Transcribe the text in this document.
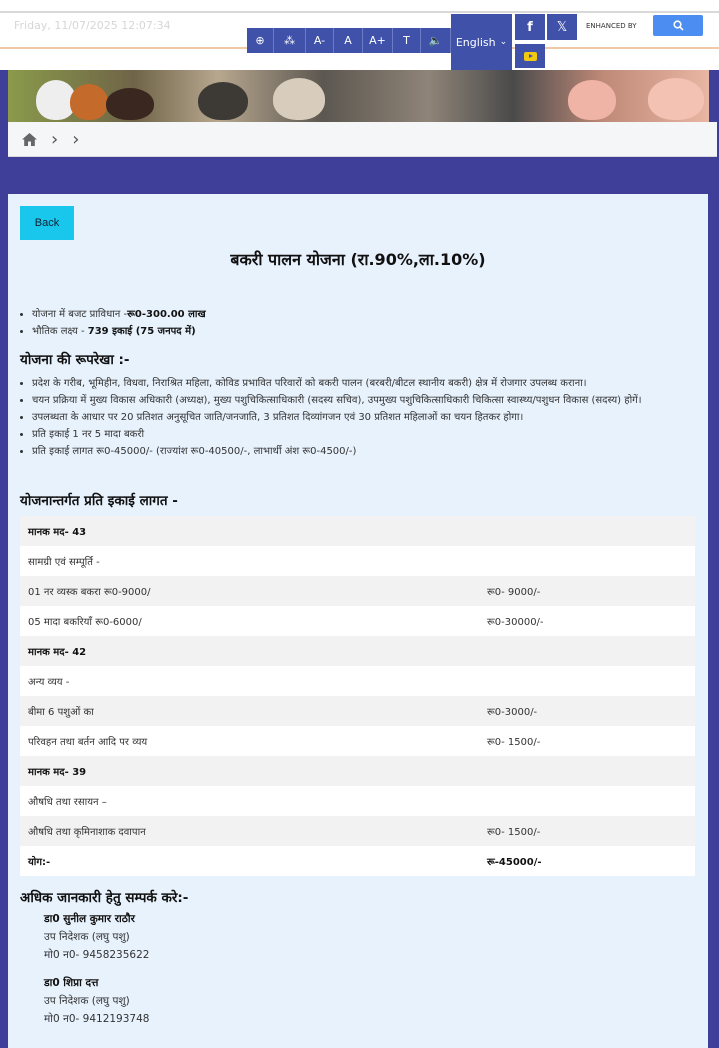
Friday, 11/07/2025 12:07:34
⊕	⁂	A-	A	A+	T	🔈	English ⌄
f	𝕏	ENHANCED BY
› ›
Back
बकरी पालन योजना (रा.90%,ला.10%)
• योजना में बजट प्राविधान -रू0-300.00 लाख
• भौतिक लक्ष्य - 739 इकाई (75 जनपद में)
योजना की रूपरेखा :-
• प्रदेश के गरीब, भूमिहीन, विधवा, निराश्रित महिला, कोविड प्रभावित परिवारों को बकरी पालन (बरबरी/बीटल स्थानीय बकरी) क्षेत्र में रोजगार उपलब्ध कराना।
• चयन प्रक्रिया में मुख्य विकास अधिकारी (अध्यक्ष), मुख्य पशुचिकित्साधिकारी (सदस्य सचिव), उपमुख्य पशुचिकित्साधिकारी चिकित्सा स्वास्थ्य/पशुधन विकास (सदस्य) होगें।
• उपलब्धता के आधार पर 20 प्रतिशत अनुसूचित जाति/जनजाति, 3 प्रतिशत दिव्यांगजन एवं 30 प्रतिशत महिलाओं का चयन हितकर होगा।
• प्रति इकाई 1 नर 5 मादा बकरी
• प्रति इकाई लागत रू0-45000/- (राज्यांश रू0-40500/-, लाभार्थी अंश रू0-4500/-)
योजनान्तर्गत प्रति इकाई लागत -
मानक मद- 43	
सामग्री एवं सम्पूर्ति -	
01 नर व्यस्क बकरा रू0-9000/	रू0- 9000/-
05 मादा बकरियॉं रू0-6000/	रू0-30000/-
मानक मद- 42	
अन्य व्यय -	
बीमा 6 पशुओं का	रू0-3000/-
परिवहन तथा बर्तन आदि पर व्यय	रू0- 1500/-
मानक मद- 39	
औषधि तथा रसायन –	
औषधि तथा कृमिनाशाक दवापान	रू0- 1500/-
योग:-	रू-45000/-
अधिक जानकारी हेतु सम्पर्क करे:-
डा0 सुनील कुमार राठौर
उप निदेशक (लघु पशु)
मो0 न0- 9458235622
डा0 शिप्रा दत्त
उप निदेशक (लघु पशु)
मो0 न0- 9412193748
